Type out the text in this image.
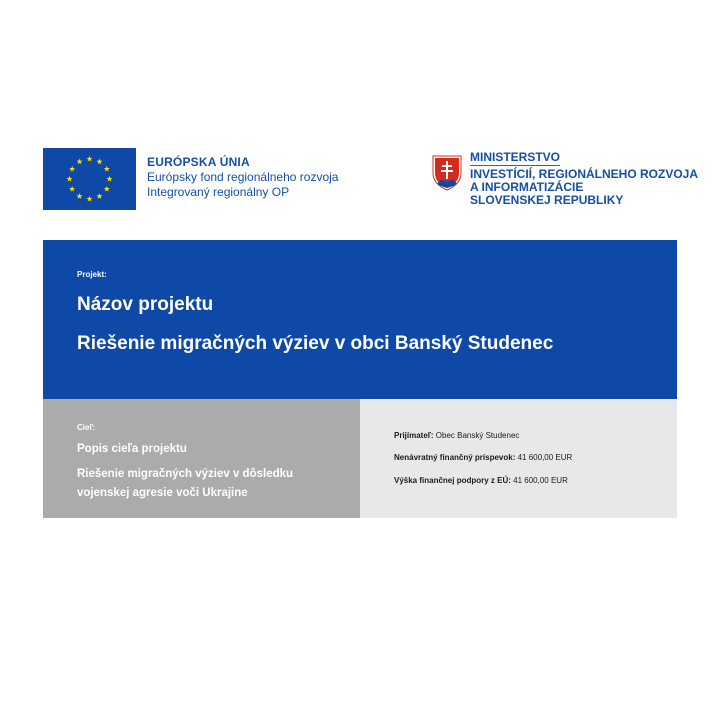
EURÓPSKA ÚNIA
Európsky fond regionálneho rozvoja
Integrovaný regionálny OP
MINISTERSTVO
INVESTÍCIÍ, REGIONÁLNEHO ROZVOJA
A INFORMATIZÁCIE
SLOVENSKEJ REPUBLIKY
Projekt:
Názov projektu
Riešenie migračných výziev v obci Banský Studenec
Cieľ:
Popis cieľa projektu
Riešenie migračných výziev v dôsledku
vojenskej agresie voči Ukrajine
Prijímateľ: Obec Banský Studenec
Nenávratný finančný príspevok: 41 600,00 EUR
Výška finančnej podpory z EÚ: 41 600,00 EUR
